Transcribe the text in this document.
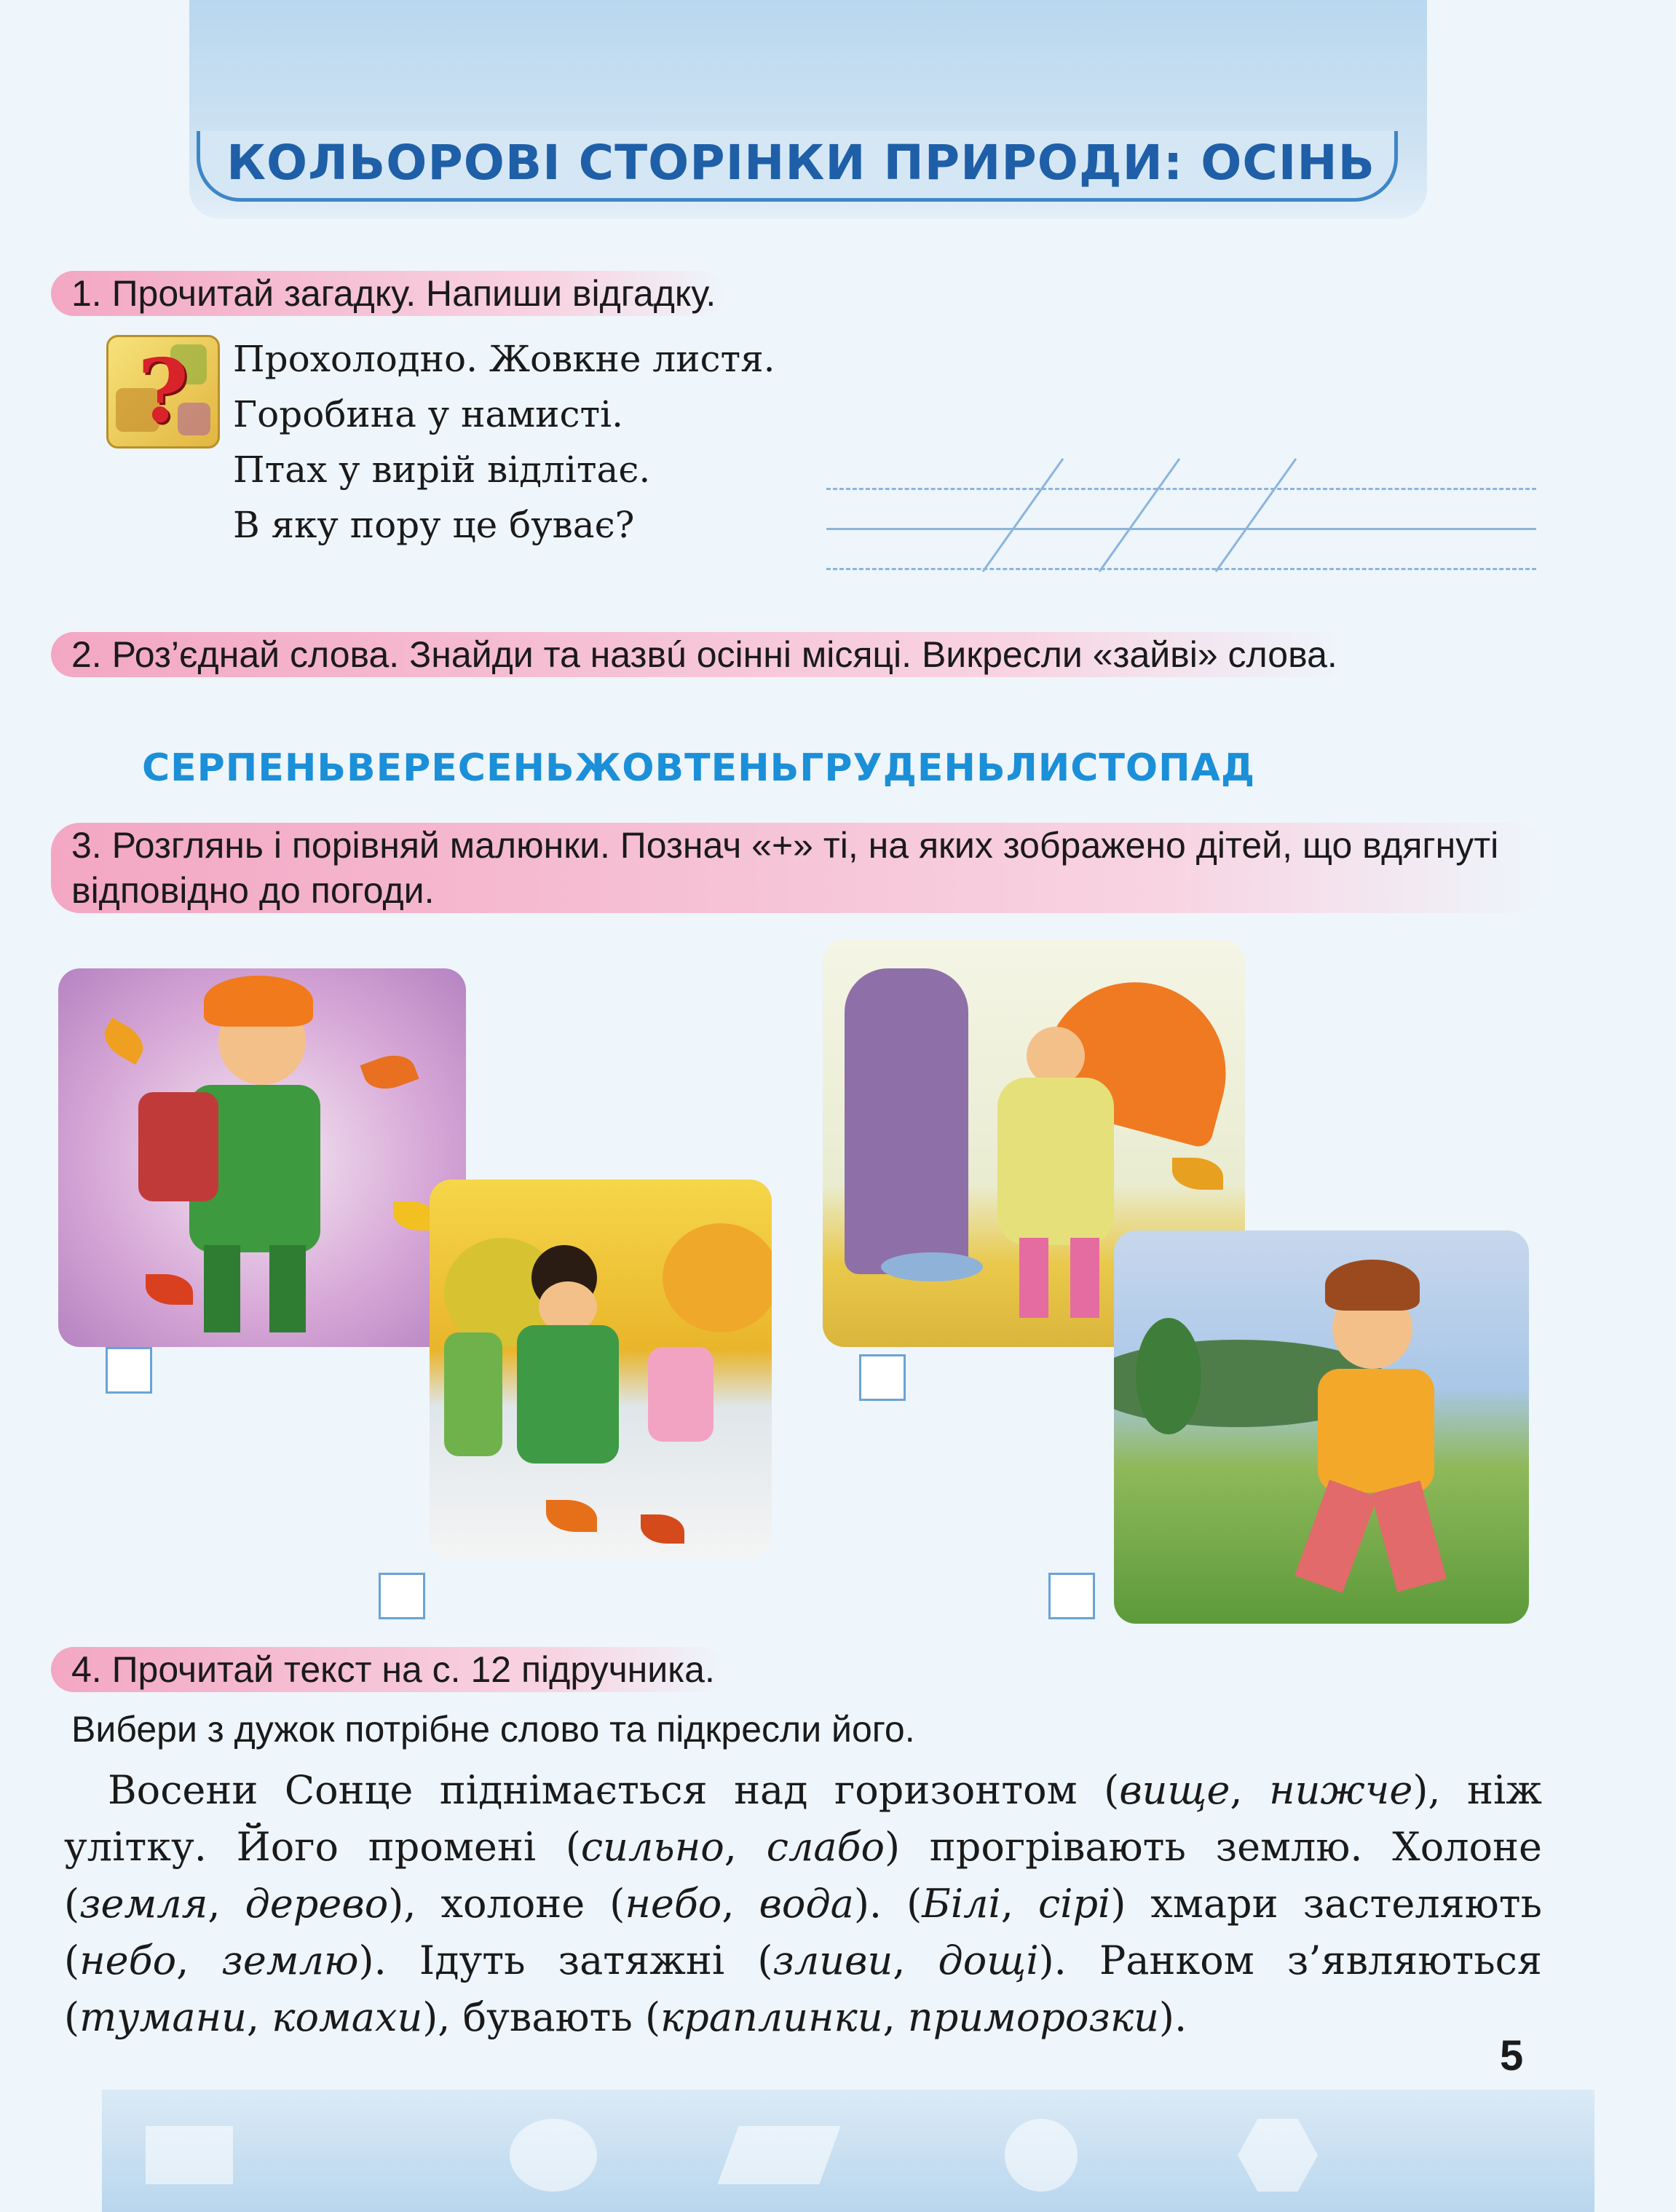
КОЛЬОРОВІ СТОРІНКИ ПРИРОДИ: ОСІНЬ
1. Прочитай загадку. Напиши відгадку.
?	Прохолодно. Жовкне листя.
Горобина у намисті.
Птах у вирій відлітає.
В яку пору це буває?
2. Роз’єднай слова. Знайди та назвú осінні місяці. Викресли «зайві» слова.
СЕРПЕНЬВЕРЕСЕНЬЖОВТЕНЬГРУДЕНЬЛИСТОПАД
3. Розглянь і порівняй малюнки. Познач «+» ті, на яких зображено дітей, що вдягнуті відповідно до погоди.
4. Прочитай текст на с. 12 підручника.
Вибери з дужок потрібне слово та підкресли його.
Восени Сонце піднімається над горизонтом (вище, нижче), ніж улітку. Його промені (сильно, слабо) прогрівають землю. Холоне (земля, дерево), холоне (небо, вода). (Білі, сірі) хмари застеляють (небо, землю). Ідуть затяжні (зливи, дощі). Ранком з’являються (тумани, комахи), бувають (краплинки, приморозки).
5
